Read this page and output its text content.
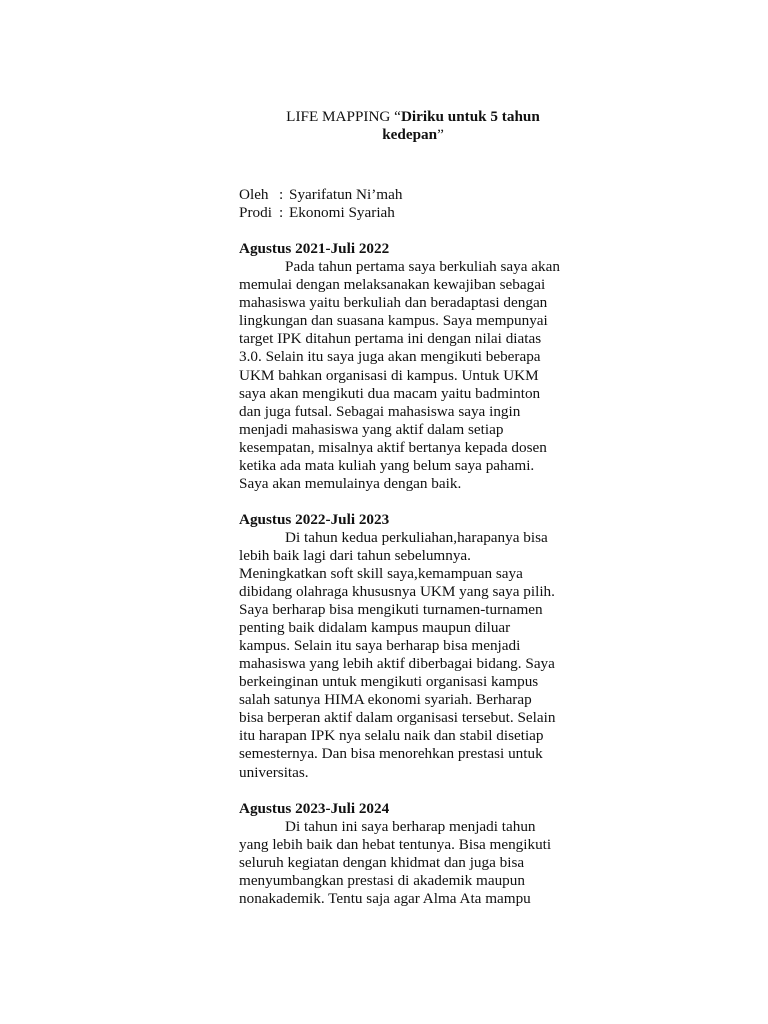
LIFE MAPPING “Diriku untuk 5 tahun
kedepan”
Oleh : Syarifatun Ni’mah
Prodi : Ekonomi Syariah

Agustus 2021-Juli 2022

Pada tahun pertama saya berkuliah saya akan

memulai dengan melaksanakan kewajiban sebagai

mahasiswa yaitu berkuliah dan beradaptasi dengan

lingkungan dan suasana kampus. Saya mempunyai

target IPK ditahun pertama ini dengan nilai diatas

3.0. Selain itu saya juga akan mengikuti beberapa

UKM bahkan organisasi di kampus. Untuk UKM

saya akan mengikuti dua macam yaitu badminton

dan juga futsal. Sebagai mahasiswa saya ingin

menjadi mahasiswa yang aktif dalam setiap

kesempatan, misalnya aktif bertanya kepada dosen

ketika ada mata kuliah yang belum saya pahami.

Saya akan memulainya dengan baik.

Agustus 2022-Juli 2023

Di tahun kedua perkuliahan,harapanya bisa

lebih baik lagi dari tahun sebelumnya.

Meningkatkan soft skill saya,kemampuan saya

dibidang olahraga khususnya UKM yang saya pilih.

Saya berharap bisa mengikuti turnamen-turnamen

penting baik didalam kampus maupun diluar

kampus. Selain itu saya berharap bisa menjadi

mahasiswa yang lebih aktif diberbagai bidang. Saya

berkeinginan untuk mengikuti organisasi kampus

salah satunya HIMA ekonomi syariah. Berharap

bisa berperan aktif dalam organisasi tersebut. Selain

itu harapan IPK nya selalu naik dan stabil disetiap

semesternya. Dan bisa menorehkan prestasi untuk

universitas.

Agustus 2023-Juli 2024

Di tahun ini saya berharap menjadi tahun

yang lebih baik dan hebat tentunya. Bisa mengikuti

seluruh kegiatan dengan khidmat dan juga bisa

menyumbangkan prestasi di akademik maupun

nonakademik. Tentu saja agar Alma Ata mampu
